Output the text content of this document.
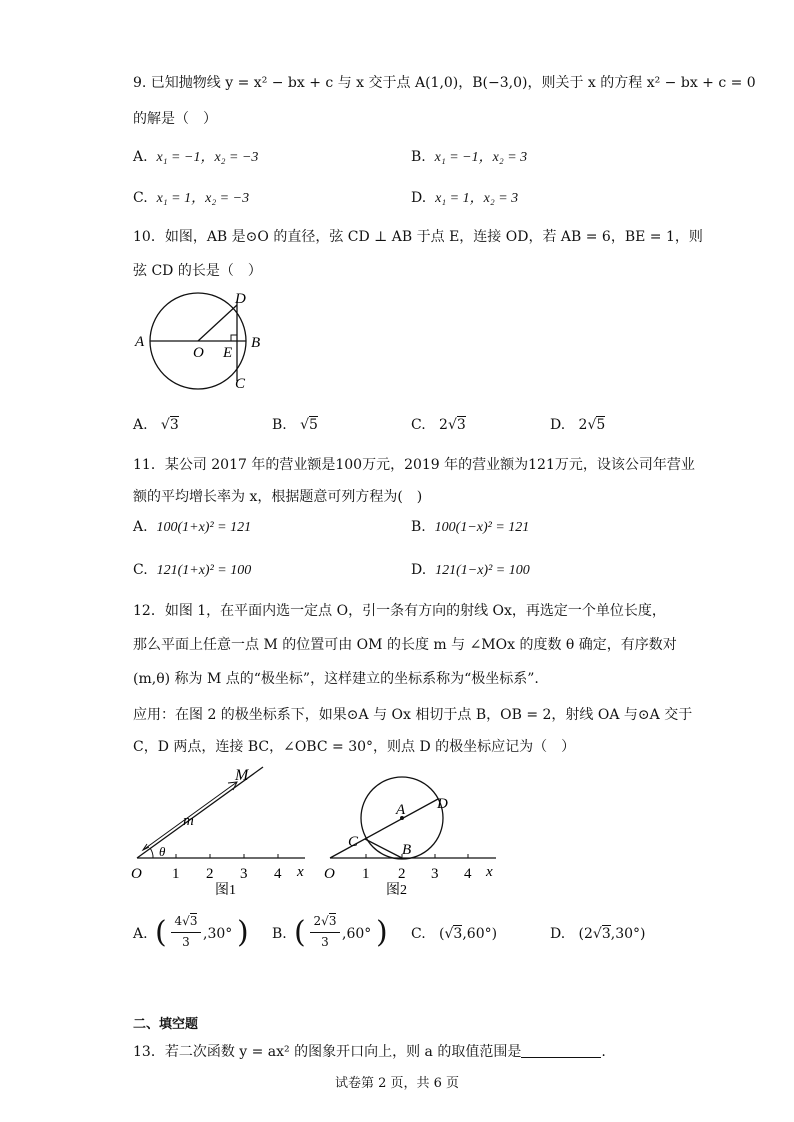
9. 已知抛物线 y = x² − bx + c 与 x 交于点 A(1,0)，B(−3,0)，则关于 x 的方程 x² − bx + c = 0
的解是（　）
A. x₁ = −1，x₂ = −3	B. x₁ = −1，x₂ = 3
C. x₁ = 1，x₂ = −3	D. x₁ = 1，x₂ = 3
10．如图，AB 是⊙O 的直径，弦 CD ⊥ AB 于点 E，连接 OD，若 AB = 6，BE = 1，则
弦 CD 的长是（　）
A	B
C
D
O E
A.   √3	B.   √5	C. 2√3	D. 2√5
11．某公司 2017 年的营业额是100万元，2019 年的营业额为121万元，设该公司年营业
额的平均增长率为 x，根据题意可列方程为(　)
A. 100(1+x)² = 121	B. 100(1−x)² = 121
C. 121(1+x)² = 100	D. 121(1−x)² = 100
12．如图 1，在平面内选一定点 O，引一条有方向的射线 Ox，再选定一个单位长度，
那么平面上任意一点 M 的位置可由 OM 的长度 m 与 ∠MOx 的度数 θ 确定，有序数对
(m,θ) 称为 M 点的“极坐标”，这样建立的坐标系称为“极坐标系”.
应用：在图 2 的极坐标系下，如果⊙A 与 Ox 相切于点 B，OB = 2，射线 OA 与⊙A 交于
C，D 两点，连接 BC，∠OBC = 30°，则点 D 的极坐标应记为（　）
O 1 2 3 4 x
M
m
θ
图1
O 1 2 3 4 x
A
B
C
D
图2
A. ( 4√3
3 ,30° ) B. ( 2√3
3 ,60° ) C. (√3,60°)	D. (2√3,30°)
二、填空题
13．若二次函数 y = ax² 的图象开口向上，则 a 的取值范围是	.
试卷第 2 页，共 6 页
